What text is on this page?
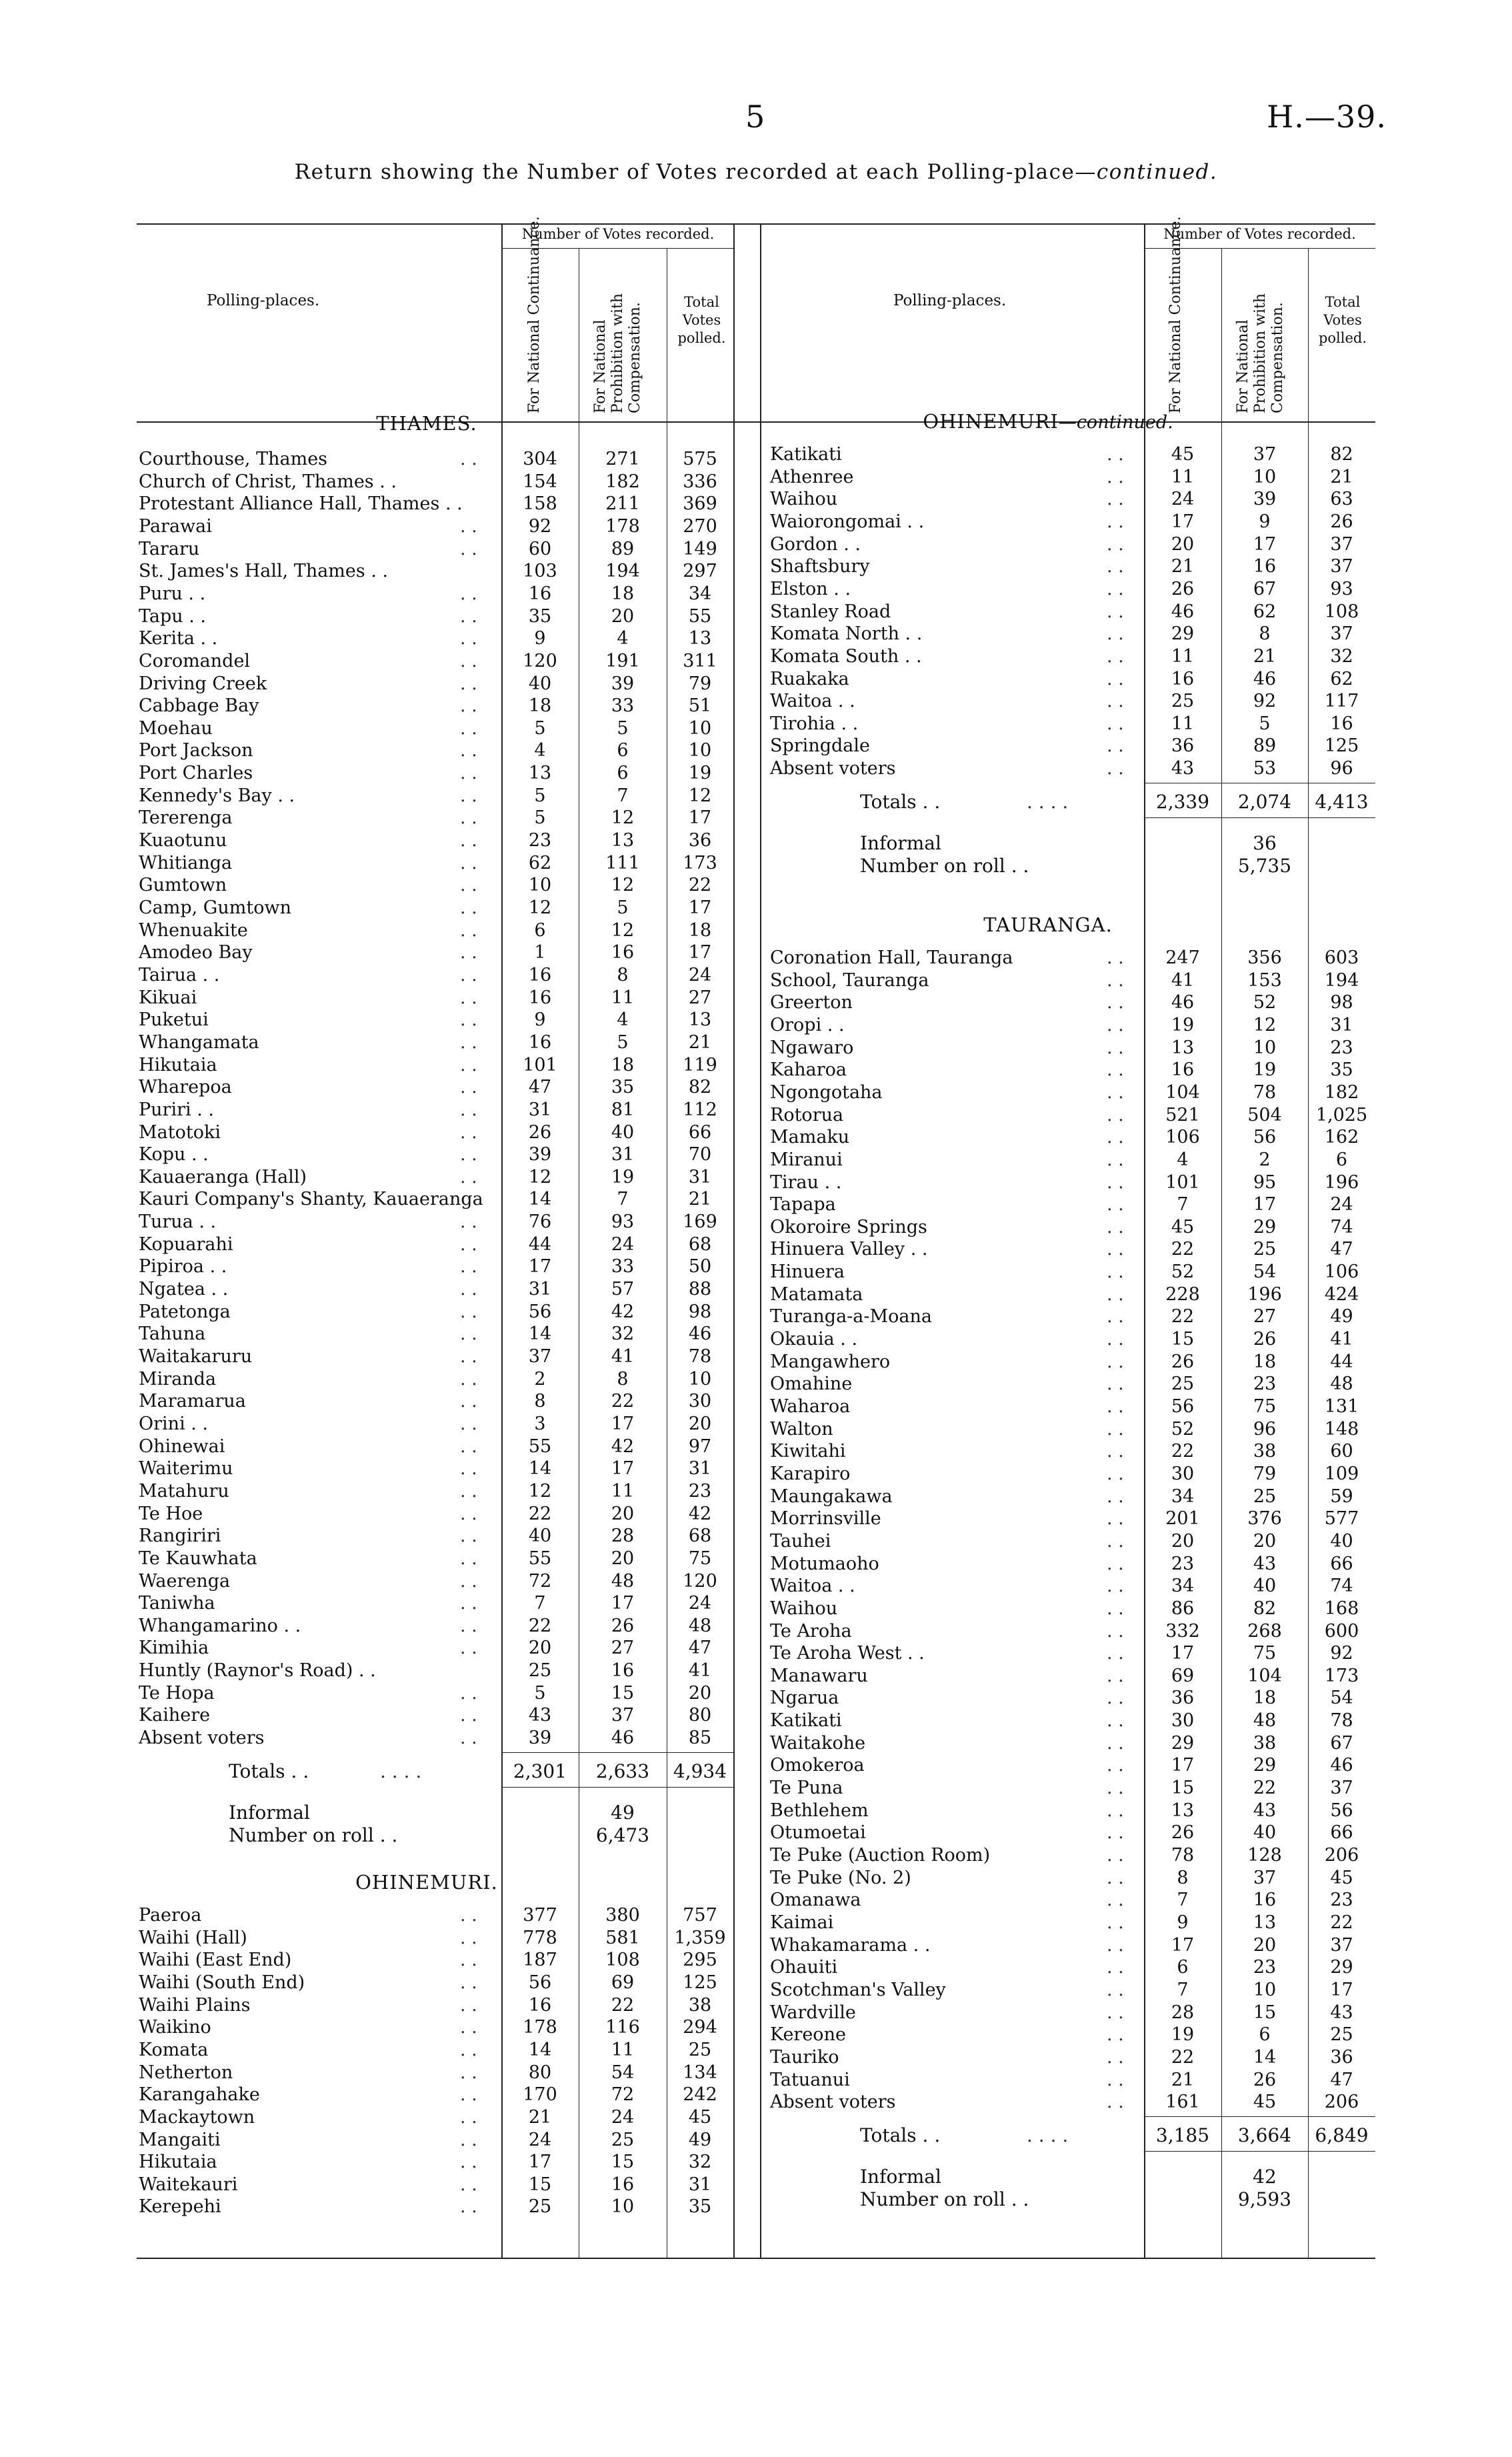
5	H.—39.
Return showing the Number of Votes recorded at each Polling-place—continued.
Polling-places.
Number of Votes recorded.
For National Continuance.	For National Prohibition with Compensation.
Total Votes polled.
Polling-places.
Number of Votes recorded.
For National Continuance.	For National Prohibition with Compensation.
Total Votes polled.
THAMES.
Courthouse, Thames	. .	304	271	575
Church of Christ, Thames . .	154	182	336
Protestant Alliance Hall, Thames . .	158	211	369
Parawai	. .	92	178	270
Tararu	. .	60	89	149
St. James's Hall, Thames . .	103	194	297
Puru . .	. .	16	18	34
Tapu . .	. .	35	20	55
Kerita . .	. .	9	4	13
Coromandel	. .	120	191	311
Driving Creek	. .	40	39	79
Cabbage Bay	. .	18	33	51
Moehau	. .	5	5	10
Port Jackson	. .	4	6	10
Port Charles	. .	13	6	19
Kennedy's Bay . .	. .	5	7	12
Tererenga	. .	5	12	17
Kuaotunu	. .	23	13	36
Whitianga	. .	62	111	173
Gumtown	. .	10	12	22
Camp, Gumtown	. .	12	5	17
Whenuakite	. .	6	12	18
Amodeo Bay	. .	1	16	17
Tairua . .	. .	16	8	24
Kikuai	. .	16	11	27
Puketui	. .	9	4	13
Whangamata	. .	16	5	21
Hikutaia	. .	101	18	119
Wharepoa	. .	47	35	82
Puriri . .	. .	31	81	112
Matotoki	. .	26	40	66
Kopu . .	. .	39	31	70
Kauaeranga (Hall)	. .	12	19	31
Kauri Company's Shanty, Kauaeranga	14	7	21
Turua . .	. .	76	93	169
Kopuarahi	. .	44	24	68
Pipiroa . .	. .	17	33	50
Ngatea . .	. .	31	57	88
Patetonga	. .	56	42	98
Tahuna	. .	14	32	46
Waitakaruru	. .	37	41	78
Miranda	. .	2	8	10
Maramarua	. .	8	22	30
Orini . .	. .	3	17	20
Ohinewai	. .	55	42	97
Waiterimu	. .	14	17	31
Matahuru	. .	12	11	23
Te Hoe	. .	22	20	42
Rangiriri	. .	40	28	68
Te Kauwhata	. .	55	20	75
Waerenga	. .	72	48	120
Taniwha	. .	7	17	24
Whangamarino . .	. .	22	26	48
Kimihia	. .	20	27	47
Huntly (Raynor's Road) . .	25	16	41
Te Hopa	. .	5	15	20
Kaihere	. .	43	37	80
Absent voters	. .	39	46	85
Totals . .	. . . .	2,301	2,633	4,934
Informal	49
Number on roll . .	6,473
OHINEMURI.
Paeroa	. .	377	380	757
Waihi (Hall)	. .	778	581	1,359
Waihi (East End)	. .	187	108	295
Waihi (South End)	. .	56	69	125
Waihi Plains	. .	16	22	38
Waikino	. .	178	116	294
Komata	. .	14	11	25
Netherton	. .	80	54	134
Karangahake	. .	170	72	242
Mackaytown	. .	21	24	45
Mangaiti	. .	24	25	49
Hikutaia	. .	17	15	32
Waitekauri	. .	15	16	31
Kerepehi	. .	25	10	35
OHINEMURI—continued.
Katikati	. .	45	37	82
Athenree	. .	11	10	21
Waihou	. .	24	39	63
Waiorongomai . .	. .	17	9	26
Gordon . .	. .	20	17	37
Shaftsbury	. .	21	16	37
Elston . .	. .	26	67	93
Stanley Road	. .	46	62	108
Komata North . .	. .	29	8	37
Komata South . .	. .	11	21	32
Ruakaka	. .	16	46	62
Waitoa . .	. .	25	92	117
Tirohia . .	. .	11	5	16
Springdale	. .	36	89	125
Absent voters	. .	43	53	96
Totals . .	. . . .	2,339	2,074	4,413
Informal	36
Number on roll . .	5,735
TAURANGA.
Coronation Hall, Tauranga	. .	247	356	603
School, Tauranga	. .	41	153	194
Greerton	. .	46	52	98
Oropi . .	. .	19	12	31
Ngawaro	. .	13	10	23
Kaharoa	. .	16	19	35
Ngongotaha	. .	104	78	182
Rotorua	. .	521	504	1,025
Mamaku	. .	106	56	162
Miranui	. .	4	2	6
Tirau . .	. .	101	95	196
Tapapa	. .	7	17	24
Okoroire Springs	. .	45	29	74
Hinuera Valley . .	. .	22	25	47
Hinuera	. .	52	54	106
Matamata	. .	228	196	424
Turanga-a-Moana	. .	22	27	49
Okauia . .	. .	15	26	41
Mangawhero	. .	26	18	44
Omahine	. .	25	23	48
Waharoa	. .	56	75	131
Walton	. .	52	96	148
Kiwitahi	. .	22	38	60
Karapiro	. .	30	79	109
Maungakawa	. .	34	25	59
Morrinsville	. .	201	376	577
Tauhei	. .	20	20	40
Motumaoho	. .	23	43	66
Waitoa . .	. .	34	40	74
Waihou	. .	86	82	168
Te Aroha	. .	332	268	600
Te Aroha West . .	. .	17	75	92
Manawaru	. .	69	104	173
Ngarua	. .	36	18	54
Katikati	. .	30	48	78
Waitakohe	. .	29	38	67
Omokeroa	. .	17	29	46
Te Puna	. .	15	22	37
Bethlehem	. .	13	43	56
Otumoetai	. .	26	40	66
Te Puke (Auction Room)	. .	78	128	206
Te Puke (No. 2)	. .	8	37	45
Omanawa	. .	7	16	23
Kaimai	. .	9	13	22
Whakamarama . .	. .	17	20	37
Ohauiti	. .	6	23	29
Scotchman's Valley	. .	7	10	17
Wardville	. .	28	15	43
Kereone	. .	19	6	25
Tauriko	. .	22	14	36
Tatuanui	. .	21	26	47
Absent voters	. .	161	45	206
Totals . .	. . . .	3,185	3,664	6,849
Informal	42
Number on roll . .	9,593
